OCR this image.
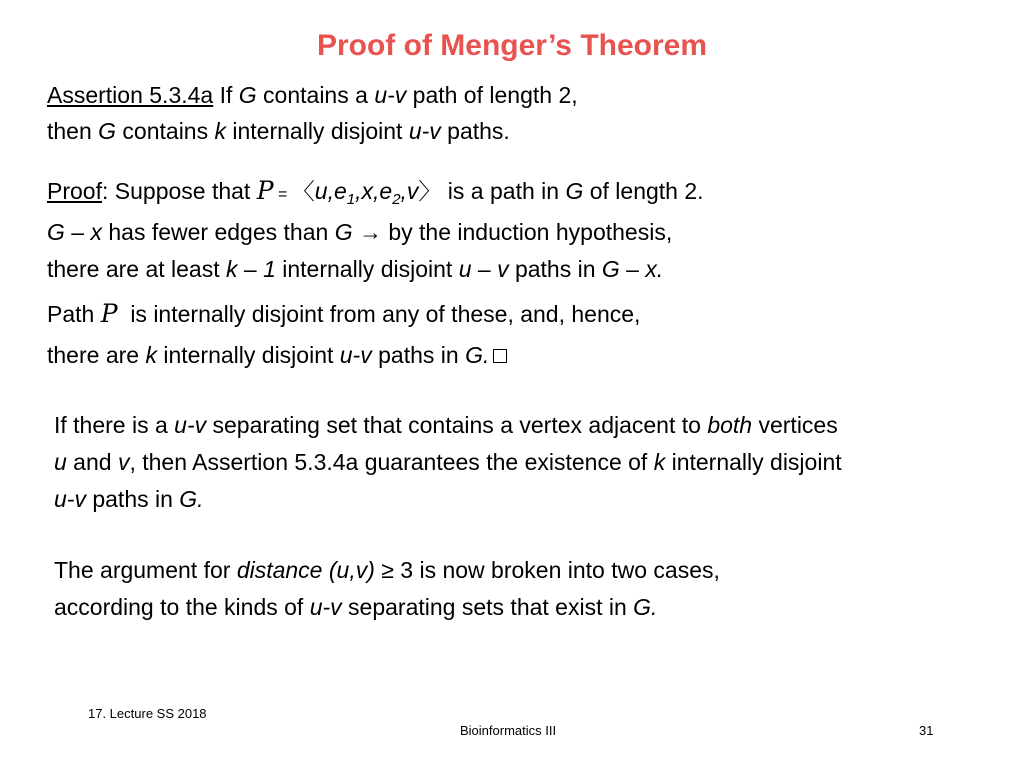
Proof of Menger’s Theorem
Assertion 5.3.4a If G contains a u-v path of length 2,
then G contains k internally disjoint u-v paths.
Proof: Suppose that P = 〈$u,e_1,x,e_2,v$〉 is a path in G of length 2.
G – x has fewer edges than G → by the induction hypothesis,
there are at least k – 1 internally disjoint u – v paths in G – x.
Path P  is internally disjoint from any of these, and, hence,
there are k internally disjoint u-v paths in G.
If there is a u-v separating set that contains a vertex adjacent to both vertices
u and v, then Assertion 5.3.4a guarantees the existence of k internally disjoint
u-v paths in G.
The argument for distance (u,v) ≥ 3 is now broken into two cases,
according to the kinds of u-v separating sets that exist in G.
17. Lecture SS 2018
Bioinformatics III	31
